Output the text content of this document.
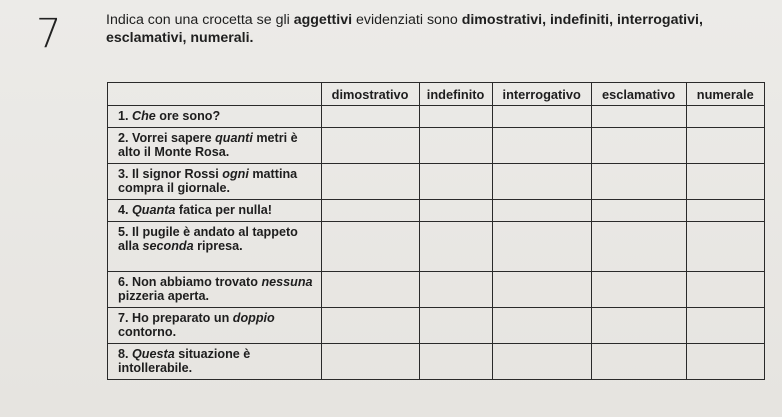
7	Indica con una crocetta se gli aggettivi evidenziati sono dimostrativi, indefiniti, interrogativi, esclamativi, numerali.
	dimostrativo	indefinito	interrogativo	esclamativo	numerale
1. Che ore sono?					
2. Vorrei sapere quanti metri è alto il Monte Rosa.					
3. Il signor Rossi ogni mattina compra il giornale.					
4. Quanta fatica per nulla!					
5. Il pugile è andato al tappeto alla seconda ripresa.					
6. Non abbiamo trovato nessuna pizzeria aperta.					
7. Ho preparato un doppio contorno.					
8. Questa situazione è intollerabile.					
